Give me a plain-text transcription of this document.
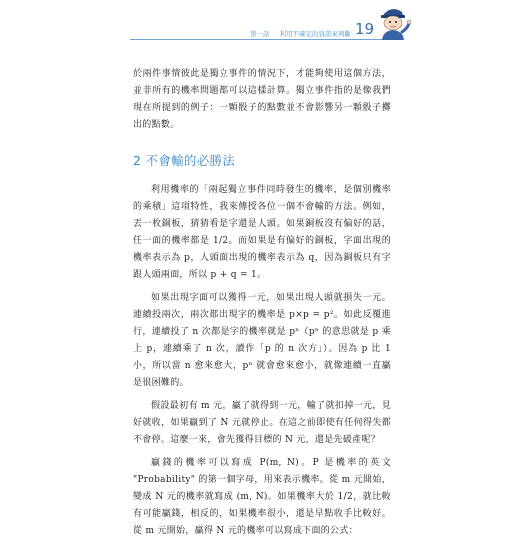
第一話 利用不確定的資訊來判斷 19

於兩件事情彼此是獨立事件的情況下，才能夠使用這個方法，並非所有的機率問題都可以這樣計算。獨立事件指的是像我們現在所提到的例子：一顆骰子的點數並不會影響另一顆骰子擲出的點數。

2 不會輸的必勝法

利用機率的「兩起獨立事件同時發生的機率，是個別機率的乘積」這項特性，我來傳授各位一個不會輸的方法。例如，丟一枚銅板，猜猜看是字還是人頭。如果銅板沒有偏好的話，任一面的機率都是 1/2。而如果是有偏好的銅板，字面出現的機率表示為 p，人頭面出現的機率表示為 q，因為銅板只有字跟人頭兩面，所以 p + q = 1。

如果出現字面可以獲得一元，如果出現人頭就損失一元。連續投兩次，兩次都出現字的機率是 p×p = p²。如此反覆進行，連續投了 n 次都是字的機率就是 pⁿ（pⁿ 的意思就是 p 乘上 p，連續乘了 n 次，讀作「p 的 n 次方」）。因為 p 比 1 小，所以當 n 愈來愈大，pⁿ 就會愈來愈小，就像連續一直贏是很困難的。

假設最初有 m 元，贏了就得到一元，輸了就扣掉一元，見好就收，如果贏到了 N 元就停止。在這之前即使有任何得失都不會停。這麼一來，會先獲得目標的 N 元，還是先破產呢？

贏錢的機率可以寫成 P(m, N)。P 是機率的英文 "Probability" 的第一個字母，用來表示機率。從 m 元開始，變成 N 元的機率就寫成 (m, N)。如果機率大於 1/2，就比較有可能贏錢，相反的，如果機率很小，還是早點收手比較好。從 m 元開始，贏得 N 元的機率可以寫成下面的公式：
